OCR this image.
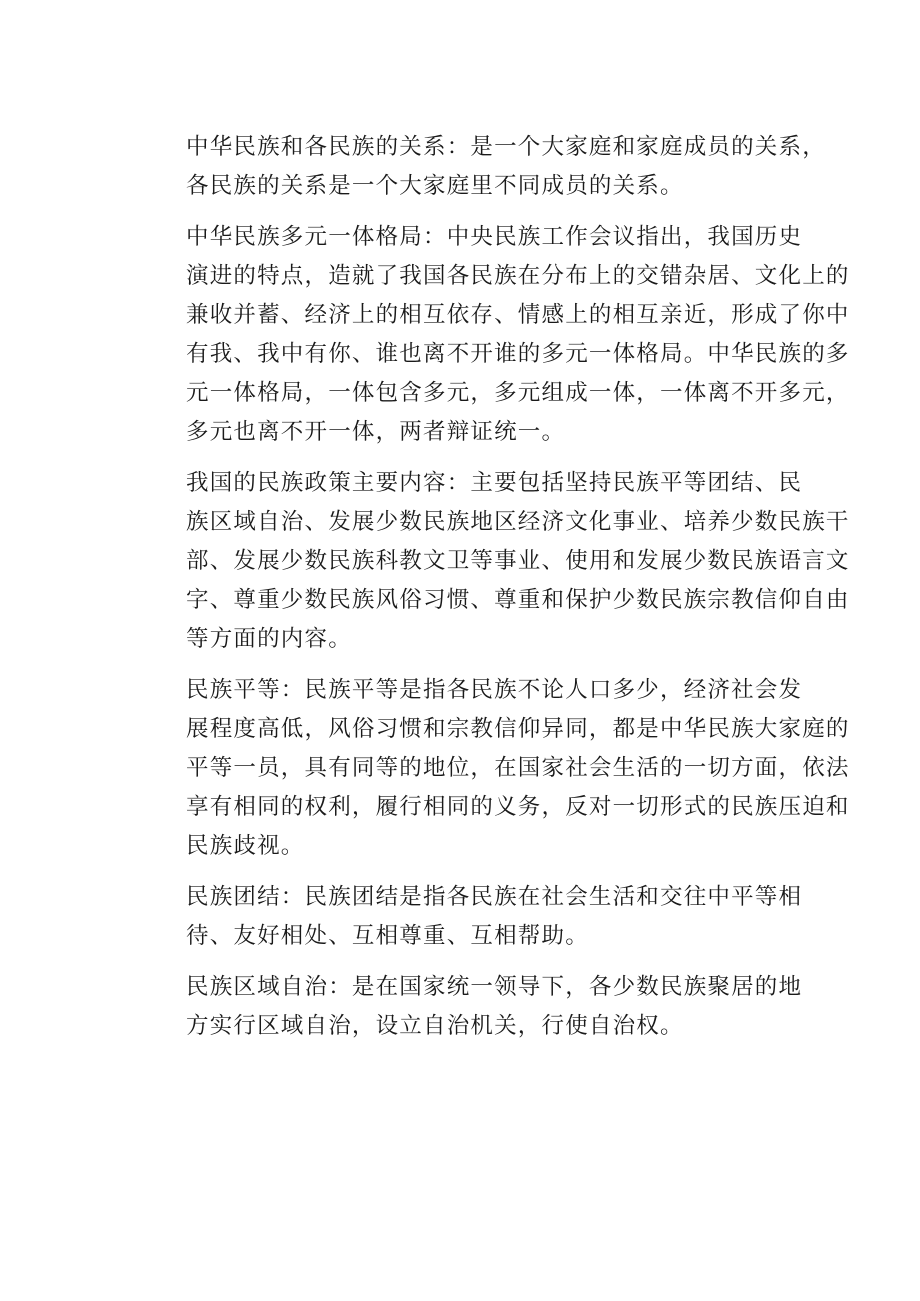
中华民族和各民族的关系：是一个大家庭和家庭成员的关系，
各民族的关系是一个大家庭里不同成员的关系。

中华民族多元一体格局：中央民族工作会议指出，我国历史
演进的特点，造就了我国各民族在分布上的交错杂居、文化上的
兼收并蓄、经济上的相互依存、情感上的相互亲近，形成了你中
有我、我中有你、谁也离不开谁的多元一体格局。中华民族的多
元一体格局，一体包含多元，多元组成一体，一体离不开多元，
多元也离不开一体，两者辩证统一。

我国的民族政策主要内容：主要包括坚持民族平等团结、民
族区域自治、发展少数民族地区经济文化事业、培养少数民族干
部、发展少数民族科教文卫等事业、使用和发展少数民族语言文
字、尊重少数民族风俗习惯、尊重和保护少数民族宗教信仰自由
等方面的内容。

民族平等：民族平等是指各民族不论人口多少，经济社会发
展程度高低，风俗习惯和宗教信仰异同，都是中华民族大家庭的
平等一员，具有同等的地位，在国家社会生活的一切方面，依法
享有相同的权利，履行相同的义务，反对一切形式的民族压迫和
民族歧视。

民族团结：民族团结是指各民族在社会生活和交往中平等相
待、友好相处、互相尊重、互相帮助。

民族区域自治：是在国家统一领导下，各少数民族聚居的地
方实行区域自治，设立自治机关，行使自治权。
